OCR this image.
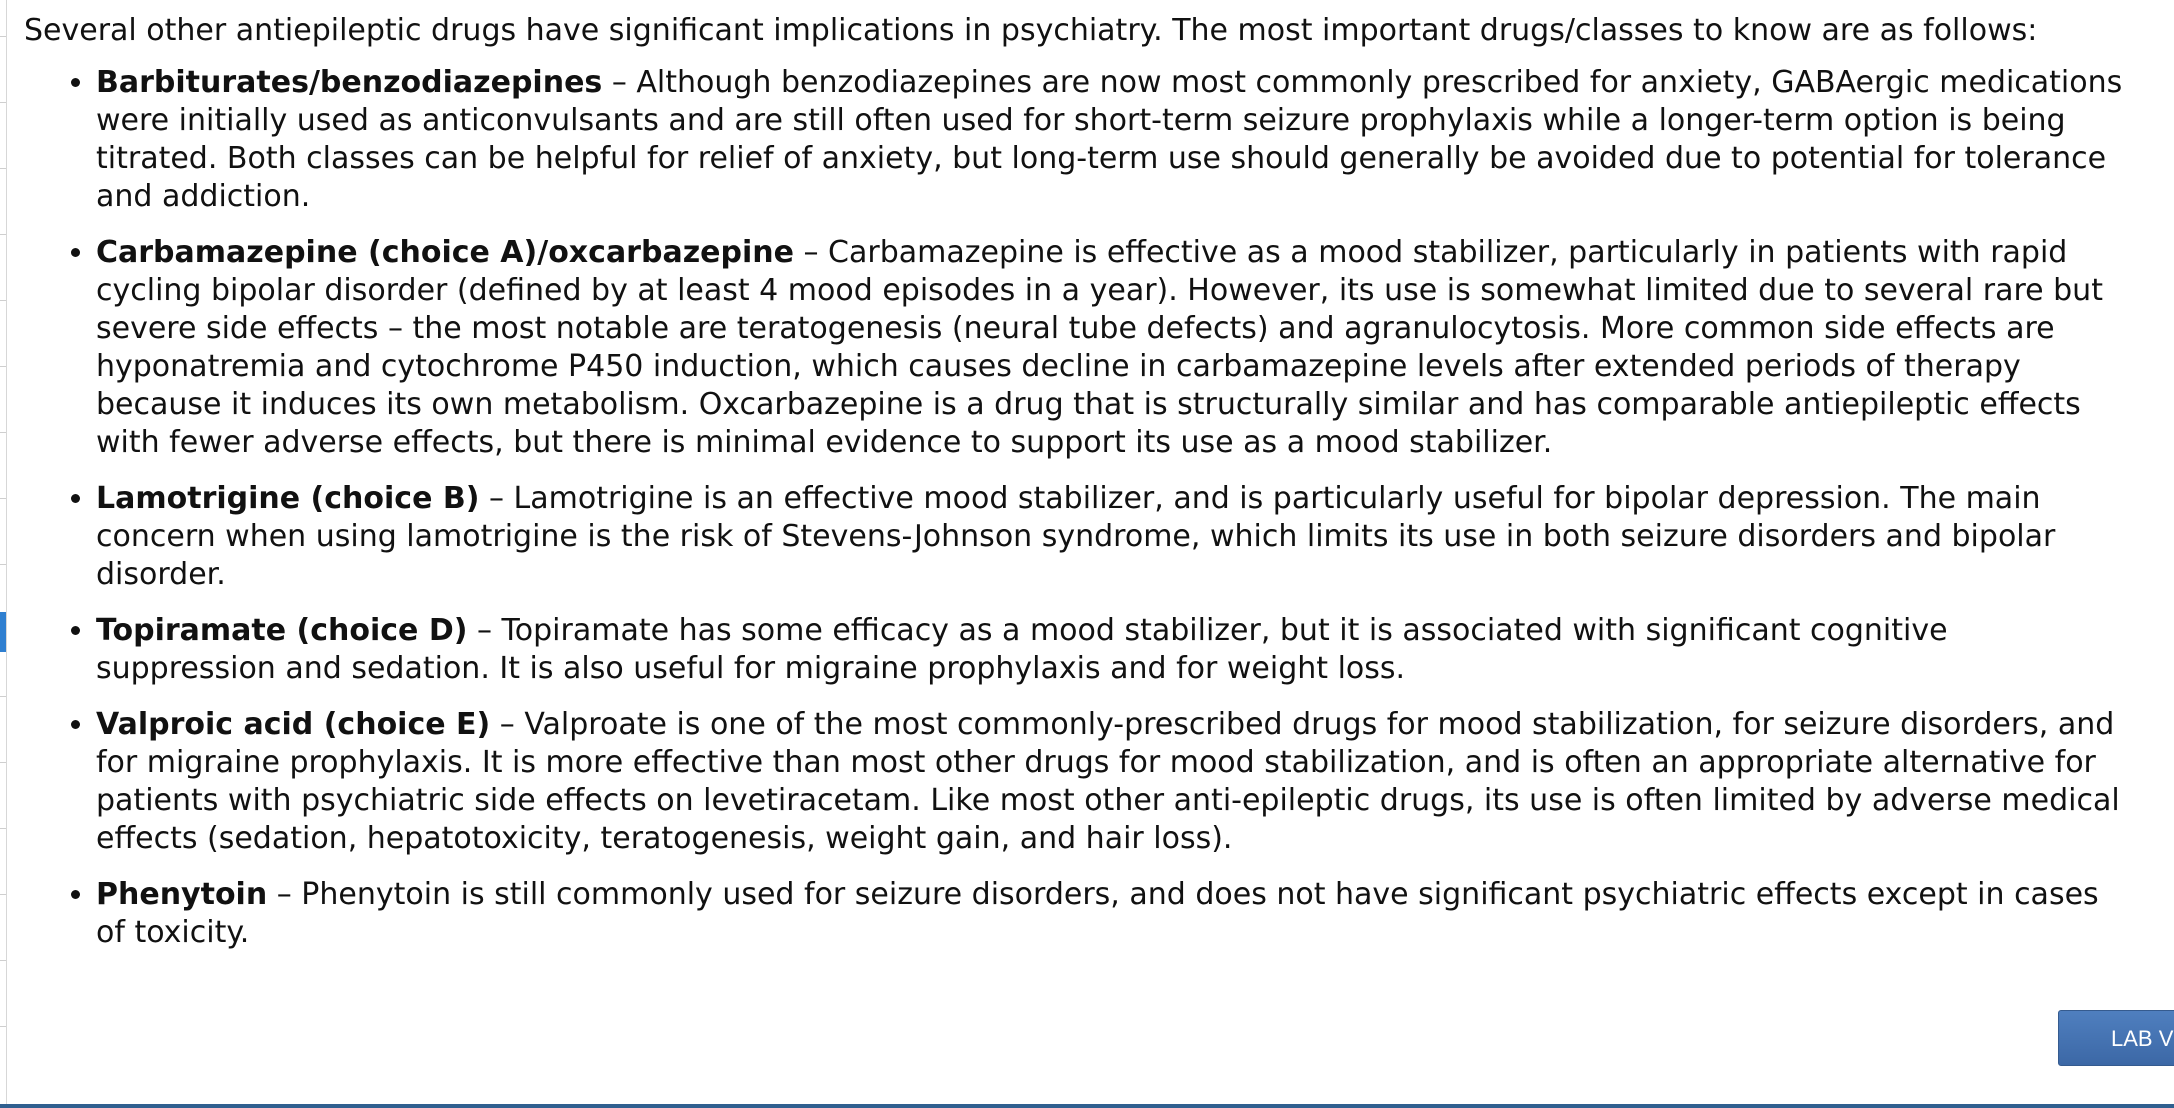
Several other antiepileptic drugs have significant implications in psychiatry. The most important drugs/classes to know are as follows:

• Barbiturates/benzodiazepines – Although benzodiazepines are now most commonly prescribed for anxiety, GABAergic medications were initially used as anticonvulsants and are still often used for short-term seizure prophylaxis while a longer-term option is being titrated. Both classes can be helpful for relief of anxiety, but long-term use should generally be avoided due to potential for tolerance and addiction.
• Carbamazepine (choice A)/oxcarbazepine – Carbamazepine is effective as a mood stabilizer, particularly in patients with rapid cycling bipolar disorder (defined by at least 4 mood episodes in a year). However, its use is somewhat limited due to several rare but severe side effects – the most notable are teratogenesis (neural tube defects) and agranulocytosis. More common side effects are hyponatremia and cytochrome P450 induction, which causes decline in carbamazepine levels after extended periods of therapy because it induces its own metabolism. Oxcarbazepine is a drug that is structurally similar and has comparable antiepileptic effects with fewer adverse effects, but there is minimal evidence to support its use as a mood stabilizer.
• Lamotrigine (choice B) – Lamotrigine is an effective mood stabilizer, and is particularly useful for bipolar depression. The main concern when using lamotrigine is the risk of Stevens-Johnson syndrome, which limits its use in both seizure disorders and bipolar disorder.
• Topiramate (choice D) – Topiramate has some efficacy as a mood stabilizer, but it is associated with significant cognitive suppression and sedation. It is also useful for migraine prophylaxis and for weight loss.
• Valproic acid (choice E) – Valproate is one of the most commonly-prescribed drugs for mood stabilization, for seizure disorders, and for migraine prophylaxis. It is more effective than most other drugs for mood stabilization, and is often an appropriate alternative for patients with psychiatric side effects on levetiracetam. Like most other anti-epileptic drugs, its use is often limited by adverse medical effects (sedation, hepatotoxicity, teratogenesis, weight gain, and hair loss).
• Phenytoin – Phenytoin is still commonly used for seizure disorders, and does not have significant psychiatric effects except in cases of toxicity.
LAB V
